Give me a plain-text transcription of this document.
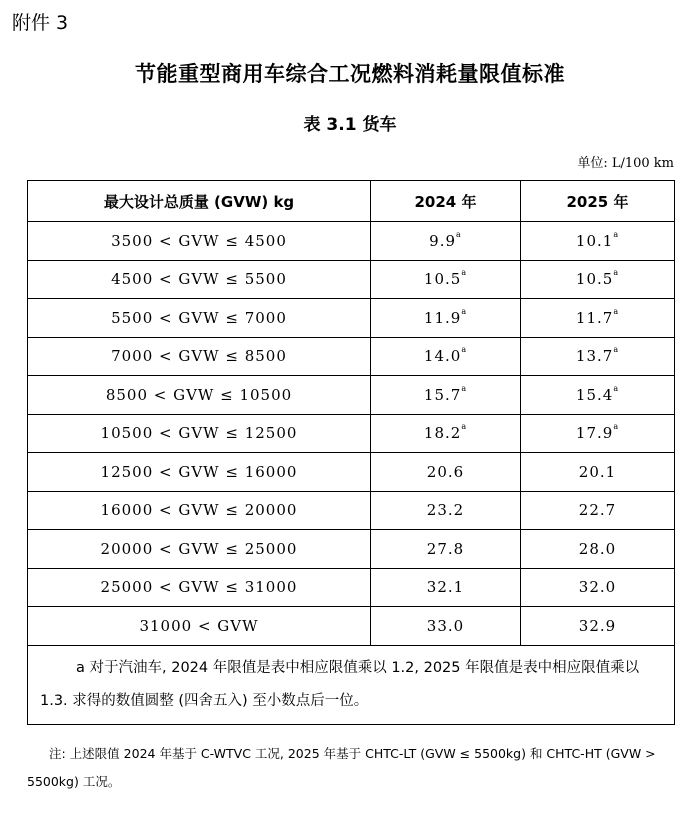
附件 3
节能重型商用车综合工况燃料消耗量限值标准
表 3.1 货车
单位: L/100 km
最大设计总质量 (GVW) kg	2024 年	2025 年
3500 < GVW ≤ 4500	9.9$^a$	10.1$^a$
4500 < GVW ≤ 5500	10.5$^a$	10.5$^a$
5500 < GVW ≤ 7000	11.9$^a$	11.7$^a$
7000 < GVW ≤ 8500	14.0$^a$	13.7$^a$
8500 < GVW ≤ 10500	15.7$^a$	15.4$^a$
10500 < GVW ≤ 12500	18.2$^a$	17.9$^a$
12500 < GVW ≤ 16000	20.6	20.1
16000 < GVW ≤ 20000	23.2	22.7
20000 < GVW ≤ 25000	27.8	28.0
25000 < GVW ≤ 31000	32.1	32.0
31000 < GVW	33.0	32.9
a 对于汽油车, 2024 年限值是表中相应限值乘以 1.2, 2025 年限值是表中相应限值乘以 1.3. 求得的数值圆整 (四舍五入) 至小数点后一位。		
注: 上述限值 2024 年基于 C-WTVC 工况, 2025 年基于 CHTC-LT (GVW ≤ 5500kg) 和 CHTC-HT (GVW > 5500kg) 工况。
